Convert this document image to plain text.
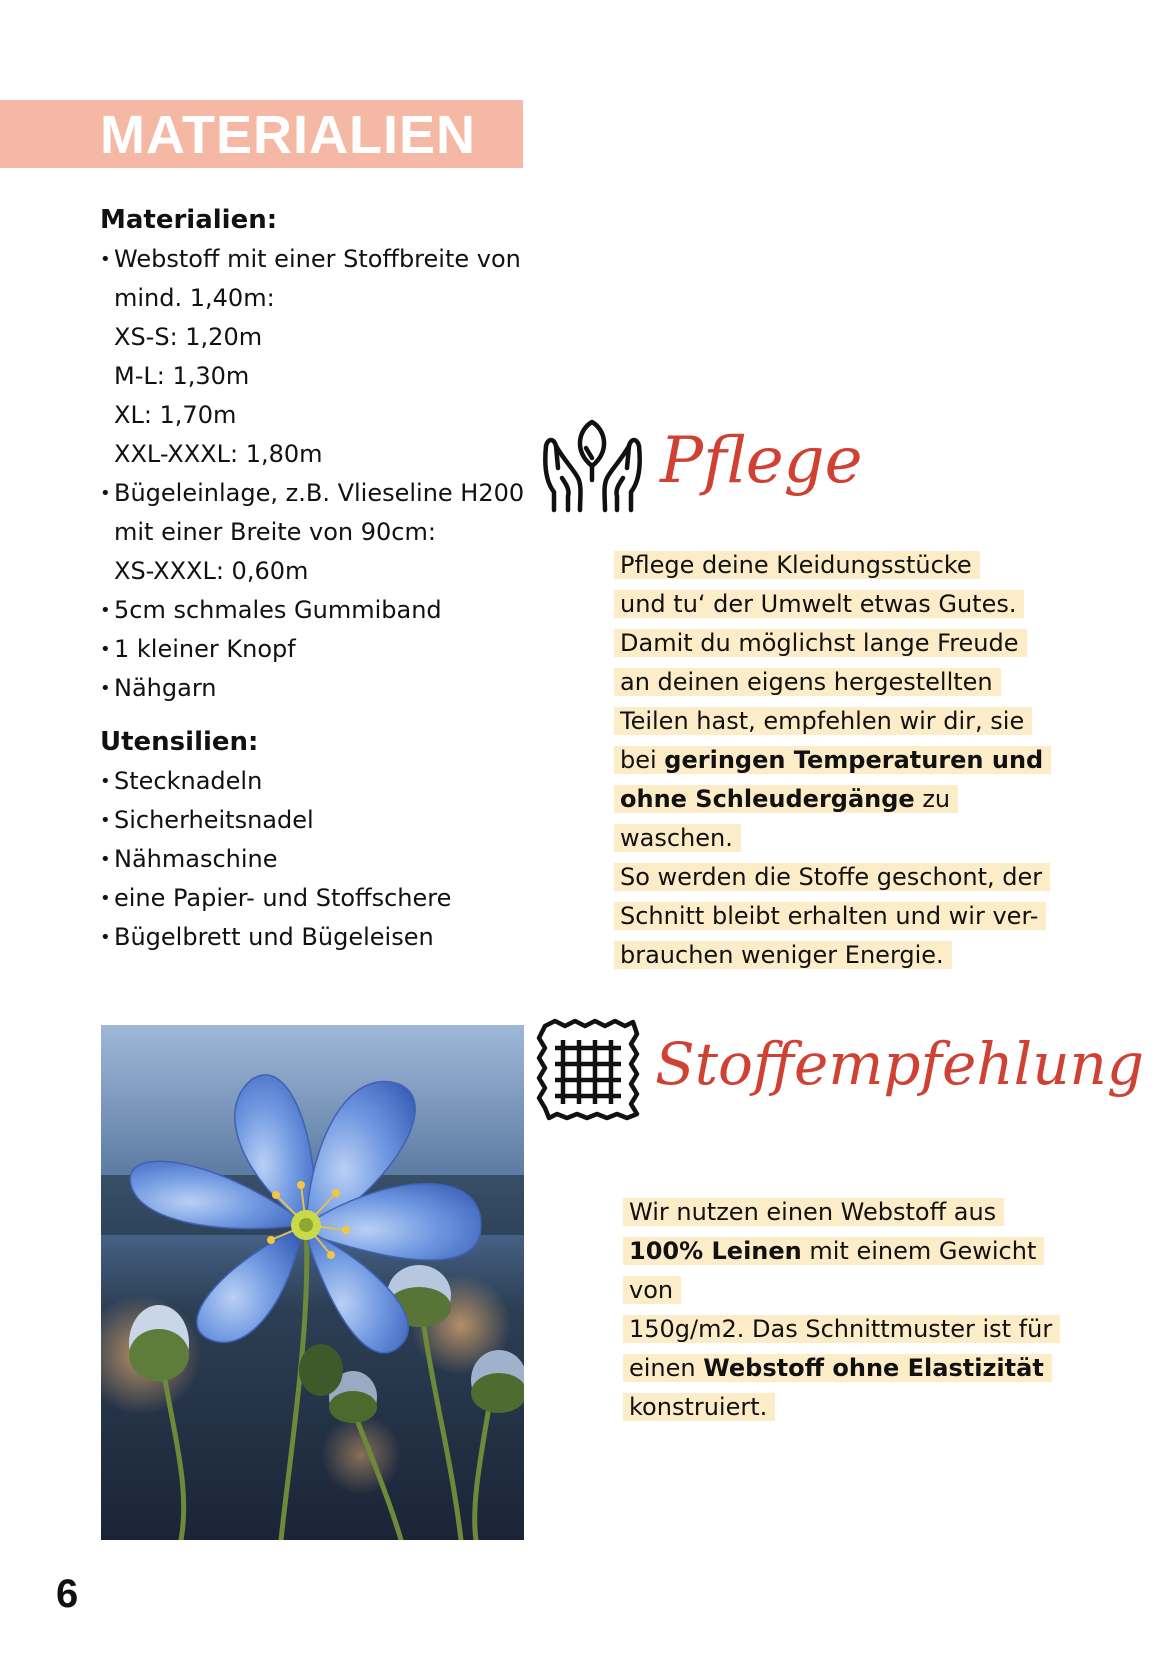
MATERIALIEN
Materialien:
• Webstoff mit einer Stoffbreite von
mind. 1,40m:
XS-S: 1,20m
M-L: 1,30m
XL: 1,70m
XXL-XXXL: 1,80m
• Bügeleinlage, z.B. Vlieseline H200
mit einer Breite von 90cm:
XS-XXXL: 0,60m
• 5cm schmales Gummiband
• 1 kleiner Knopf
• Nähgarn
Utensilien:
• Stecknadeln
• Sicherheitsnadel
• Nähmaschine
• eine Papier- und Stoffschere
• Bügelbrett und Bügeleisen
Pflege
Pflege deine Kleidungsstücke
und tu‘ der Umwelt etwas Gutes.
Damit du möglichst lange Freude
an deinen eigens hergestellten
Teilen hast, empfehlen wir dir, sie
bei geringen Temperaturen und
ohne Schleudergänge zu waschen.
So werden die Stoffe geschont, der
Schnitt bleibt erhalten und wir ver-
brauchen weniger Energie.
Stoffempfehlung
Wir nutzen einen Webstoff aus
100% Leinen mit einem Gewicht von
150g/m2. Das Schnittmuster ist für
einen Webstoff ohne Elastizität
konstruiert.
6
